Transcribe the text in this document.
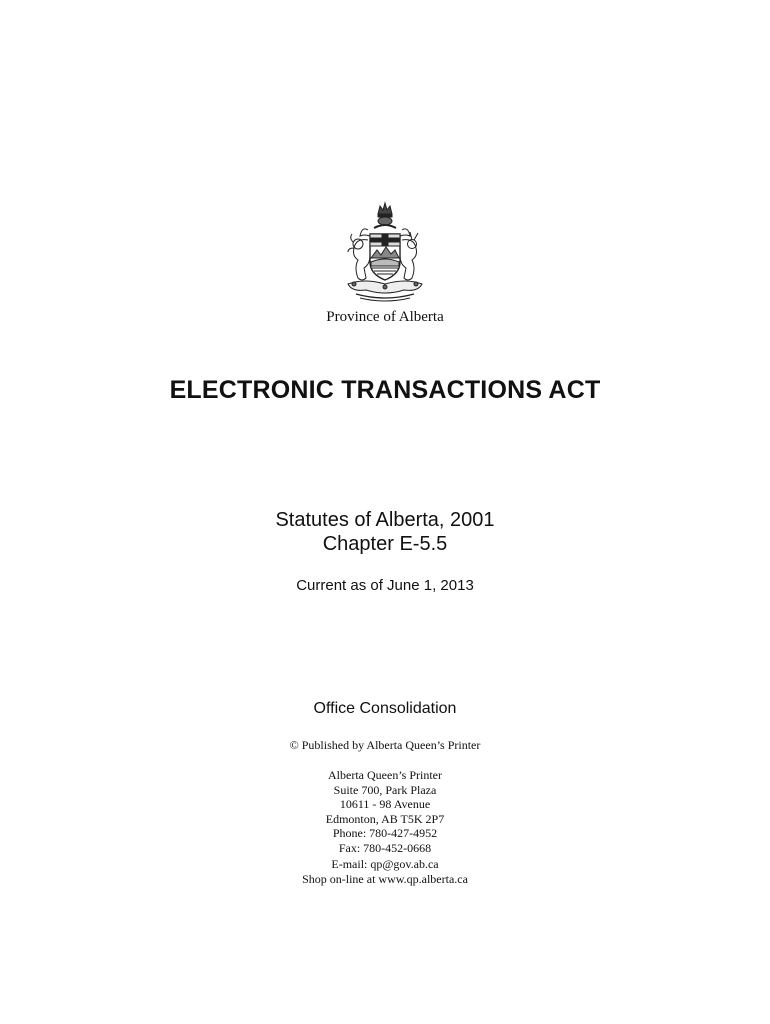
Province of Alberta

ELECTRONIC TRANSACTIONS ACT
Statutes of Alberta, 2001
Chapter E-5.5

Current as of June 1, 2013

Office Consolidation

© Published by Alberta Queen’s Printer

Alberta Queen’s Printer
Suite 700, Park Plaza
10611 - 98 Avenue
Edmonton, AB T5K 2P7
Phone: 780-427-4952
Fax: 780-452-0668
E-mail: qp@gov.ab.ca
Shop on-line at www.qp.alberta.ca
